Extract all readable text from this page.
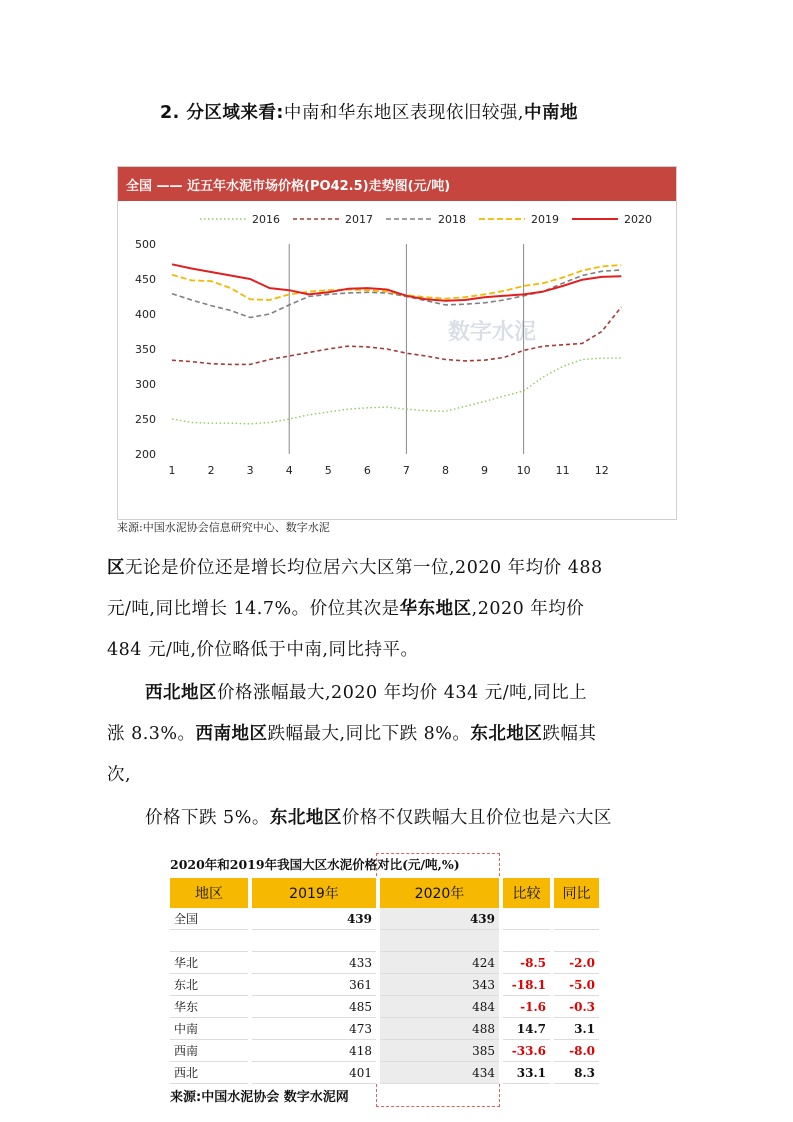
2. 分区域来看:中南和华东地区表现依旧较强,中南地
全国 —— 近五年水泥市场价格(PO42.5)走势图(元/吨)
数字水泥
200
250
300
350
400
450
500
1	2	3	4	5	6	7	8	9	10 11 12
2016	2017	2018	2019	2020
来源:中国水泥协会信息研究中心、数字水泥
区无论是价位还是增长均位居六大区第一位,2020 年均价 488
元/吨,同比增长 14.7%。价位其次是华东地区,2020 年均价
484 元/吨,价位略低于中南,同比持平。
西北地区价格涨幅最大,2020 年均价 434 元/吨,同比上
涨 8.3%。西南地区跌幅最大,同比下跌 8%。东北地区跌幅其
次,
价格下跌 5%。东北地区价格不仅跌幅大且价位也是六大区
2020年和2019年我国大区水泥价格对比(元/吨,%)
地区	2019年	2020年	比较	同比
全国	439	439		

华北	433	424	-8.5	-2.0
东北	361	343	-18.1	-5.0
华东	485	484	-1.6	-0.3
中南	473	488	14.7	3.1
西南	418	385	-33.6	-8.0
西北	401	434	33.1	8.3
来源:中国水泥协会 数字水泥网
